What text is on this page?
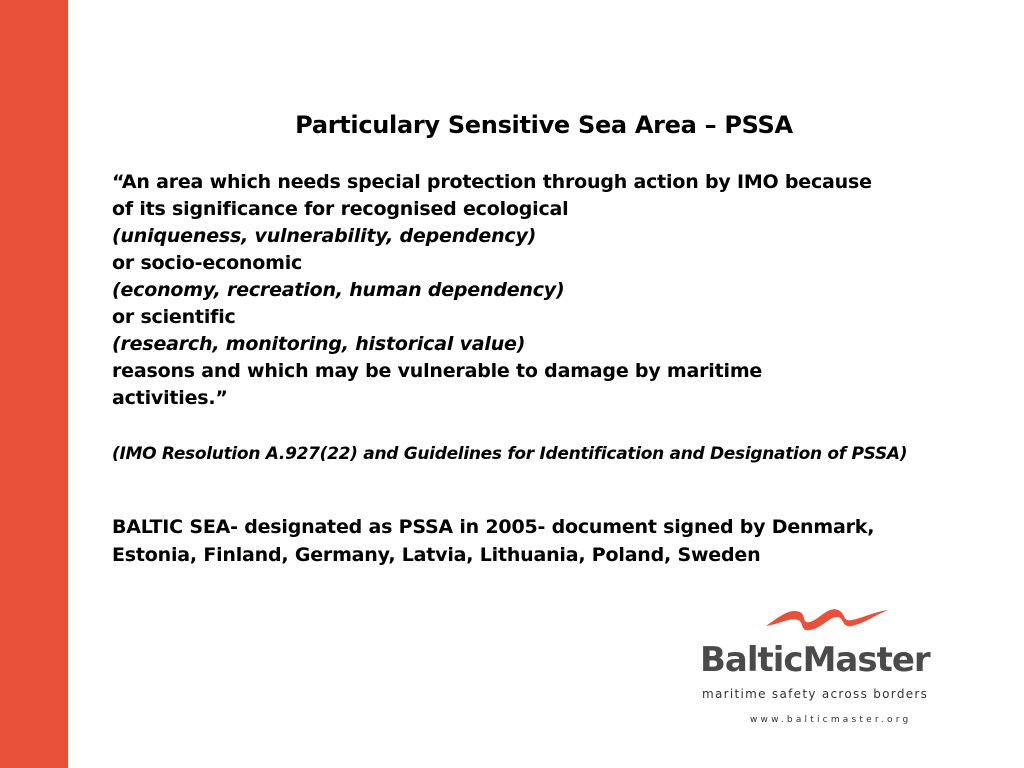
Particulary Sensitive Sea Area – PSSA
“An area which needs special protection through action by IMO because
of its significance for recognised ecological
(uniqueness, vulnerability, dependency)
or socio-economic
(economy, recreation, human dependency)
or scientific
(research, monitoring, historical value)
reasons and which may be vulnerable to damage by maritime
activities.”
(IMO Resolution A.927(22) and Guidelines for Identification and Designation of PSSA)
BALTIC SEA- designated as PSSA in 2005- document signed by Denmark, Estonia, Finland, Germany, Latvia, Lithuania, Poland, Sweden
BalticMaster
maritime safety across borders
www.balticmaster.org
